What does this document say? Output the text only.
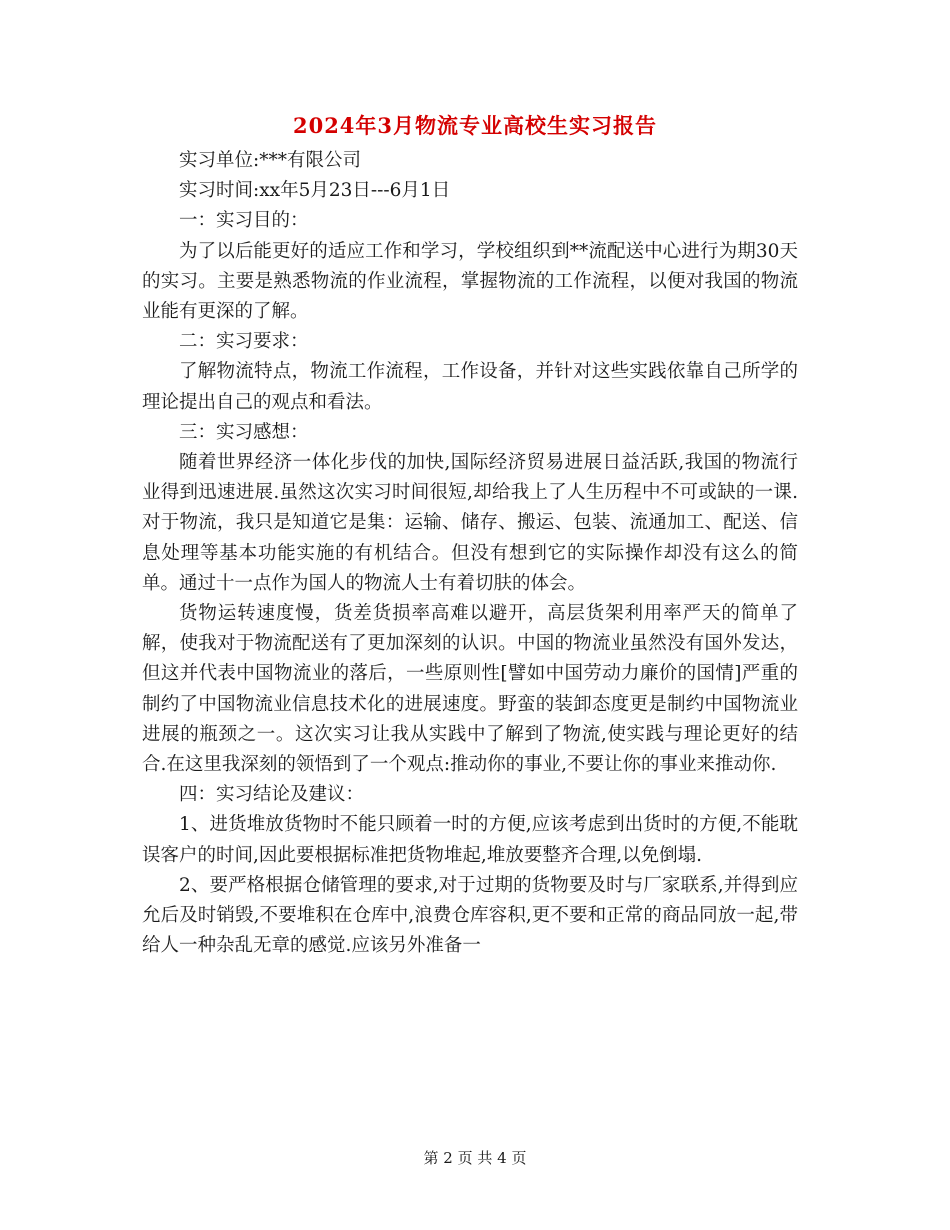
2024年3月物流专业高校生实习报告

实习单位:***有限公司

实习时间:xx年5月23日---6月1日

一：实习目的：

为了以后能更好的适应工作和学习，学校组织到**流配送中心进行为期30天的实习。主要是熟悉物流的作业流程，掌握物流的工作流程，以便对我国的物流业能有更深的了解。

二：实习要求：

了解物流特点，物流工作流程，工作设备，并针对这些实践依靠自己所学的理论提出自己的观点和看法。

三：实习感想：

随着世界经济一体化步伐的加快,国际经济贸易进展日益活跃,我国的物流行业得到迅速进展.虽然这次实习时间很短,却给我上了人生历程中不可或缺的一课.对于物流，我只是知道它是集：运输、储存、搬运、包装、流通加工、配送、信息处理等基本功能实施的有机结合。但没有想到它的实际操作却没有这么的简单。通过十一点作为国人的物流人士有着切肤的体会。

货物运转速度慢，货差货损率高难以避开，高层货架利用率严天的简单了解，使我对于物流配送有了更加深刻的认识。中国的物流业虽然没有国外发达，但这并代表中国物流业的落后，一些原则性[譬如中国劳动力廉价的国情]严重的制约了中国物流业信息技术化的进展速度。野蛮的装卸态度更是制约中国物流业进展的瓶颈之一。这次实习让我从实践中了解到了物流,使实践与理论更好的结合.在这里我深刻的领悟到了一个观点:推动你的事业,不要让你的事业来推动你.

四：实习结论及建议：

1、进货堆放货物时不能只顾着一时的方便,应该考虑到出货时的方便,不能耽误客户的时间,因此要根据标准把货物堆起,堆放要整齐合理,以免倒塌.

2、要严格根据仓储管理的要求,对于过期的货物要及时与厂家联系,并得到应允后及时销毁,不要堆积在仓库中,浪费仓库容积,更不要和正常的商品同放一起,带给人一种杂乱无章的感觉.应该另外准备一

第 2 页 共 4 页
